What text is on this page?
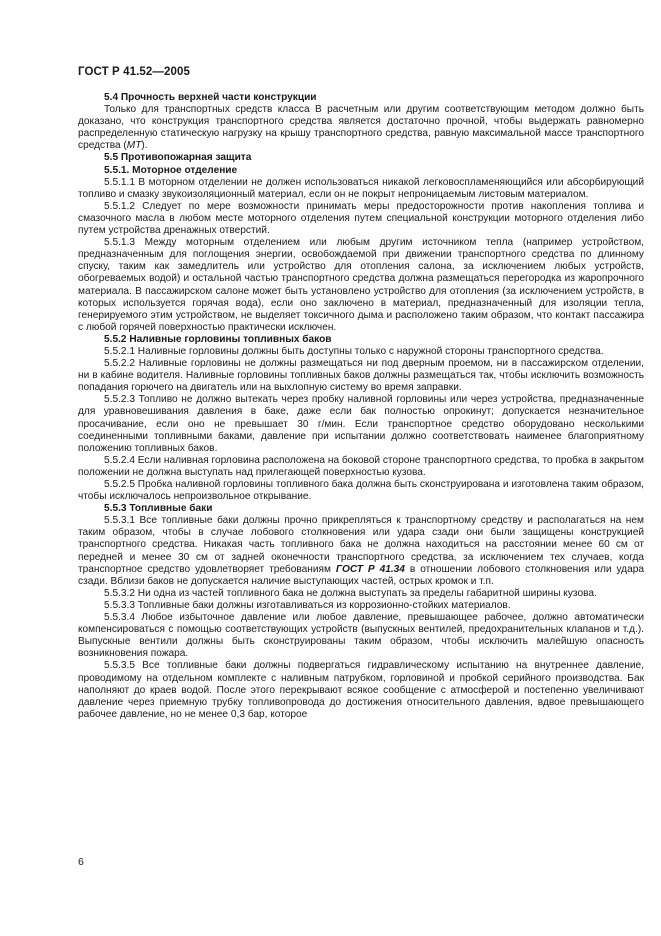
ГОСТ Р 41.52—2005

5.4 Прочность верхней части конструкции

Только для транспортных средств класса В расчетным или другим соответствующим методом должно быть доказано, что конструкция транспортного средства является достаточно прочной, чтобы выдержать равномерно распределенную статическую нагрузку на крышу транспортного средства, равную максимальной массе транспортного средства (МТ).

5.5 Противопожарная защита

5.5.1. Моторное отделение

5.5.1.1 В моторном отделении не должен использоваться никакой легковоспламеняющийся или абсорбирующий топливо и смазку звукоизоляционный материал, если он не покрыт непроницаемым листовым материалом.

5.5.1.2 Следует по мере возможности принимать меры предосторожности против накопления топлива и смазочного масла в любом месте моторного отделения путем специальной конструкции моторного отделения либо путем устройства дренажных отверстий.

5.5.1.3 Между моторным отделением или любым другим источником тепла (например устройством, предназначенным для поглощения энергии, освобождаемой при движении транспортного средства по длинному спуску, таким как замедлитель или устройство для отопления салона, за исключением любых устройств, обогреваемых водой) и остальной частью транспортного средства должна размещаться перегородка из жаропрочного материала. В пассажирском салоне может быть установлено устройство для отопления (за исключением устройств, в которых используется горячая вода), если оно заключено в материал, предназначенный для изоляции тепла, генерируемого этим устройством, не выделяет токсичного дыма и расположено таким образом, что контакт пассажира с любой горячей поверхностью практически исключен.

5.5.2 Наливные горловины топливных баков

5.5.2.1 Наливные горловины должны быть доступны только с наружной стороны транспортного средства.

5.5.2.2 Наливные горловины не должны размещаться ни под дверным проемом, ни в пассажирском отделении, ни в кабине водителя. Наливные горловины топливных баков должны размещаться так, чтобы исключить возможность попадания горючего на двигатель или на выхлопную систему во время заправки.

5.5.2.3 Топливо не должно вытекать через пробку наливной горловины или через устройства, предназначенные для уравновешивания давления в баке, даже если бак полностью опрокинут; допускается незначительное просачивание, если оно не превышает 30 г/мин. Если транспортное средство оборудовано несколькими соединенными топливными баками, давление при испытании должно соответствовать наименее благоприятному положению топливных баков.

5.5.2.4 Если наливная горловина расположена на боковой стороне транспортного средства, то пробка в закрытом положении не должна выступать над прилегающей поверхностью кузова.

5.5.2.5 Пробка наливной горловины топливного бака должна быть сконструирована и изготовлена таким образом, чтобы исключалось непроизвольное открывание.

5.5.3 Топливные баки

5.5.3.1 Все топливные баки должны прочно прикрепляться к транспортному средству и располагаться на нем таким образом, чтобы в случае лобового столкновения или удара сзади они были защищены конструкцией транспортного средства. Никакая часть топливного бака не должна находиться на расстоянии менее 60 см от передней и менее 30 см от задней оконечности транспортного средства, за исключением тех случаев, когда транспортное средство удовлетворяет требованиям ГОСТ Р 41.34 в отношении лобового столкновения или удара сзади. Вблизи баков не допускается наличие выступающих частей, острых кромок и т.п.

5.5.3.2 Ни одна из частей топливного бака не должна выступать за пределы габаритной ширины кузова.

5.5.3.3 Топливные баки должны изготавливаться из коррозионно-стойких материалов.

5.5.3.4 Любое избыточное давление или любое давление, превышающее рабочее, должно автоматически компенсироваться с помощью соответствующих устройств (выпускных вентилей, предохранительных клапанов и т.д.). Выпускные вентили должны быть сконструированы таким образом, чтобы исключить малейшую опасность возникновения пожара.

5.5.3.5 Все топливные баки должны подвергаться гидравлическому испытанию на внутреннее давление, проводимому на отдельном комплекте с наливным патрубком, горловиной и пробкой серийного производства. Бак наполняют до краев водой. После этого перекрывают всякое сообщение с атмосферой и постепенно увеличивают давление через приемную трубку топливопровода до достижения относительного давления, вдвое превышающего рабочее давление, но не менее 0,3 бар, которое

6
